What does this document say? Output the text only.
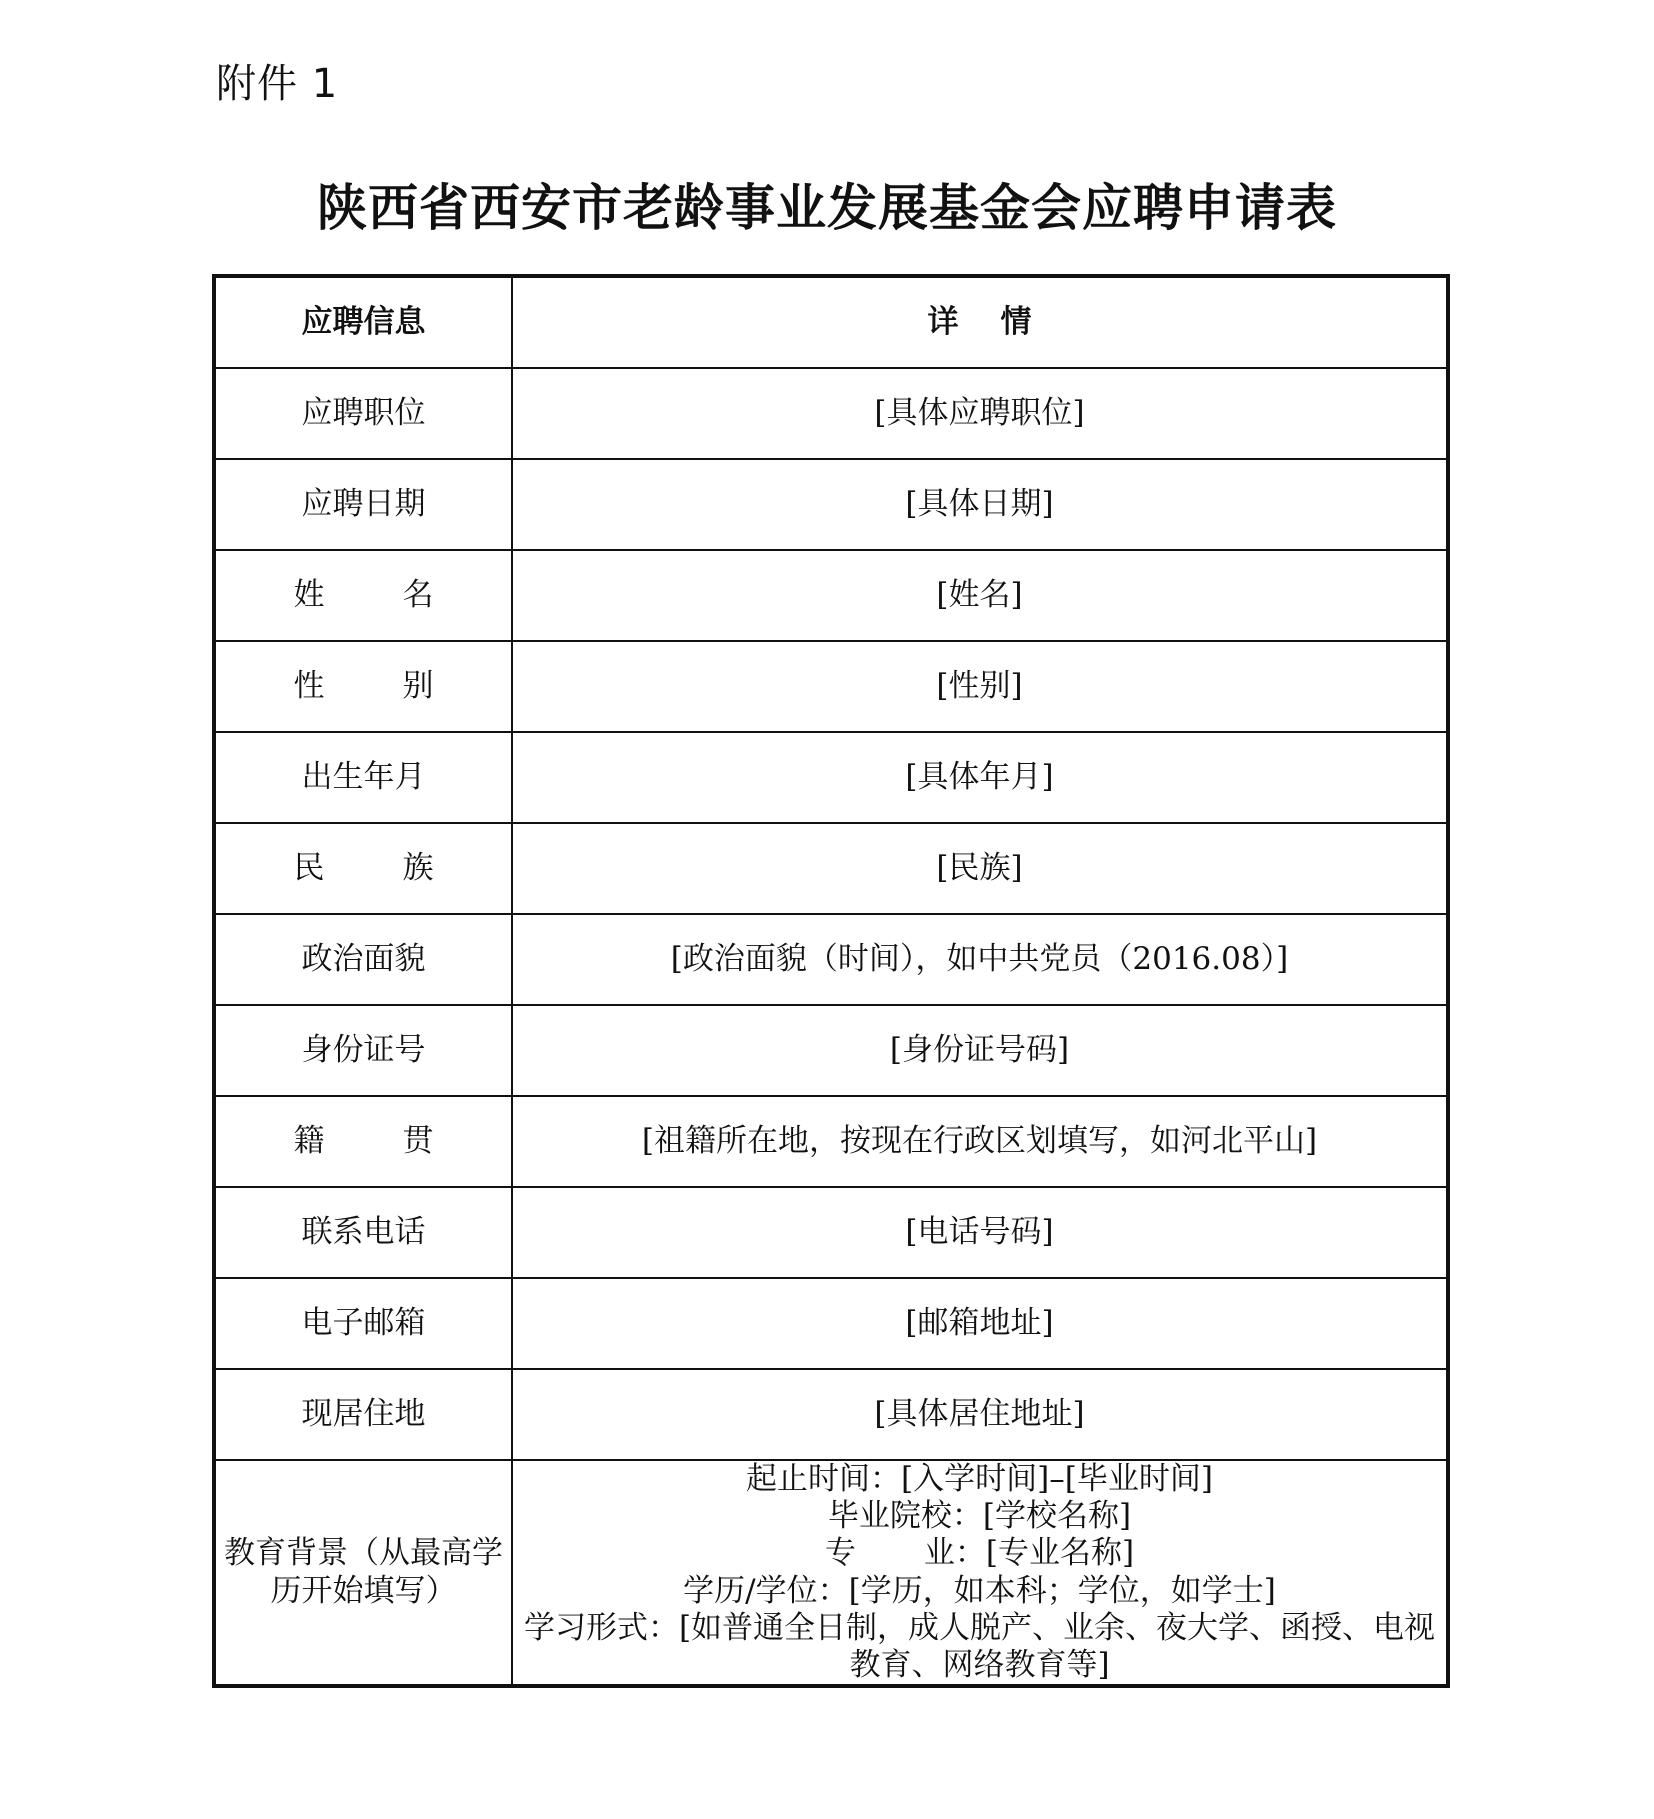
附件 1
陕西省西安市老龄事业发展基金会应聘申请表
应聘信息	详 情
应聘职位	[具体应聘职位]
应聘日期	[具体日期]
姓 名	[姓名]
性 别	[性别]
出生年月	[具体年月]
民 族	[民族]
政治面貌	[政治面貌（时间），如中共党员（2016.08）]
身份证号	[身份证号码]
籍 贯	[祖籍所在地，按现在行政区划填写，如河北平山]
联系电话	[电话号码]
电子邮箱	[邮箱地址]
现居住地	[具体居住地址]
教育背景（从最高学历开始填写）	起止时间：[入学时间]–[毕业时间]
毕业院校：[学校名称]
专 业：[专业名称]
学历/学位：[学历，如本科；学位，如学士]
学习形式：[如普通全日制，成人脱产、业余、夜大学、函授、电视教育、网络教育等]
